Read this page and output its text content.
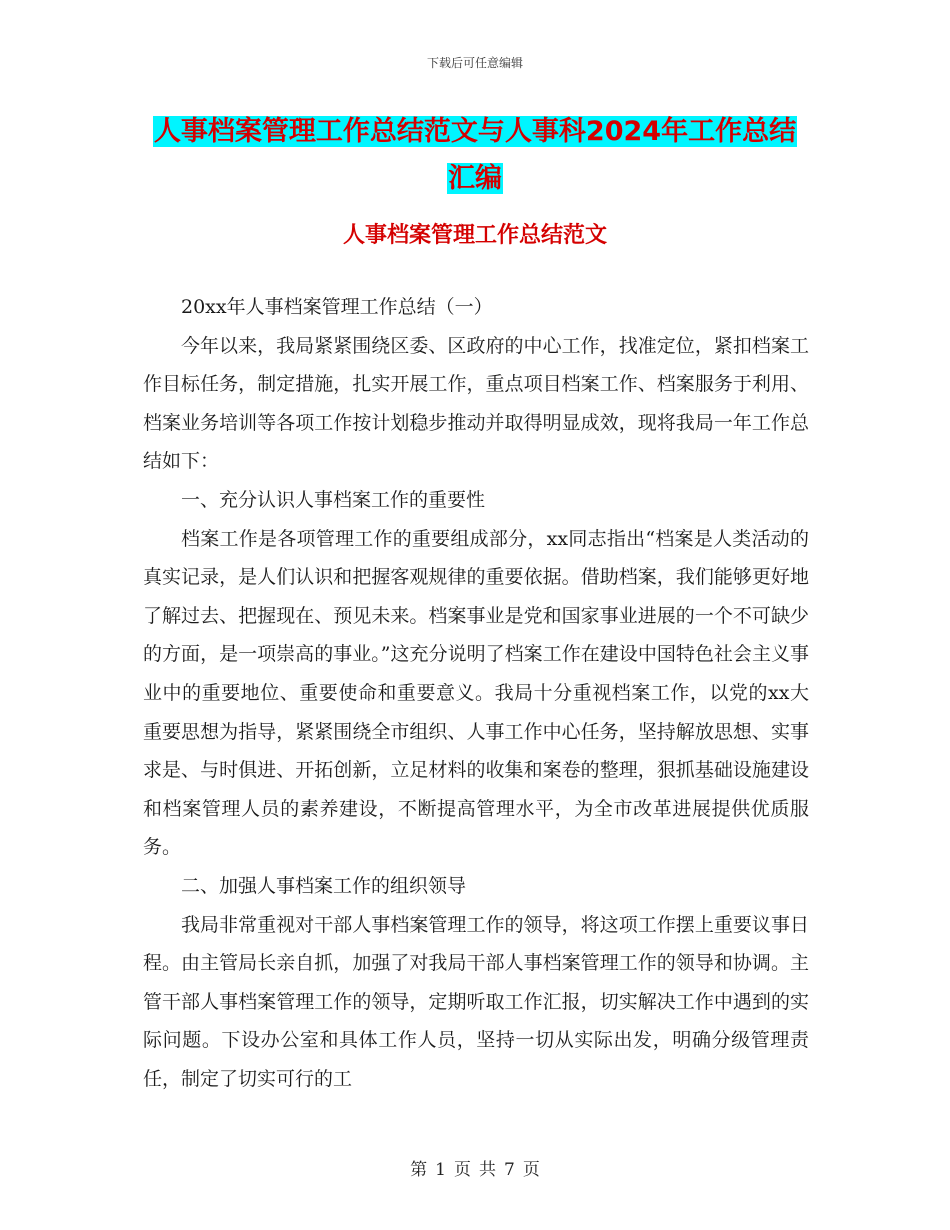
下载后可任意编辑
人事档案管理工作总结范文与人事科2024年工作总结
汇编
人事档案管理工作总结范文

20xx年人事档案管理工作总结（一）

今年以来，我局紧紧围绕区委、区政府的中心工作，找准定位，紧扣档案工作目标任务，制定措施，扎实开展工作，重点项目档案工作、档案服务于利用、档案业务培训等各项工作按计划稳步推动并取得明显成效，现将我局一年工作总结如下：

一、充分认识人事档案工作的重要性

档案工作是各项管理工作的重要组成部分，xx同志指出“档案是人类活动的真实记录，是人们认识和把握客观规律的重要依据。借助档案，我们能够更好地了解过去、把握现在、预见未来。档案事业是党和国家事业进展的一个不可缺少的方面，是一项崇高的事业。”这充分说明了档案工作在建设中国特色社会主义事业中的重要地位、重要使命和重要意义。我局十分重视档案工作，以党的xx大重要思想为指导，紧紧围绕全市组织、人事工作中心任务，坚持解放思想、实事求是、与时俱进、开拓创新，立足材料的收集和案卷的整理，狠抓基础设施建设和档案管理人员的素养建设，不断提高管理水平，为全市改革进展提供优质服务。

二、加强人事档案工作的组织领导

我局非常重视对干部人事档案管理工作的领导，将这项工作摆上重要议事日程。由主管局长亲自抓，加强了对我局干部人事档案管理工作的领导和协调。主管干部人事档案管理工作的领导，定期听取工作汇报，切实解决工作中遇到的实际问题。下设办公室和具体工作人员，坚持一切从实际出发，明确分级管理责任，制定了切实可行的工

第 1 页 共 7 页
